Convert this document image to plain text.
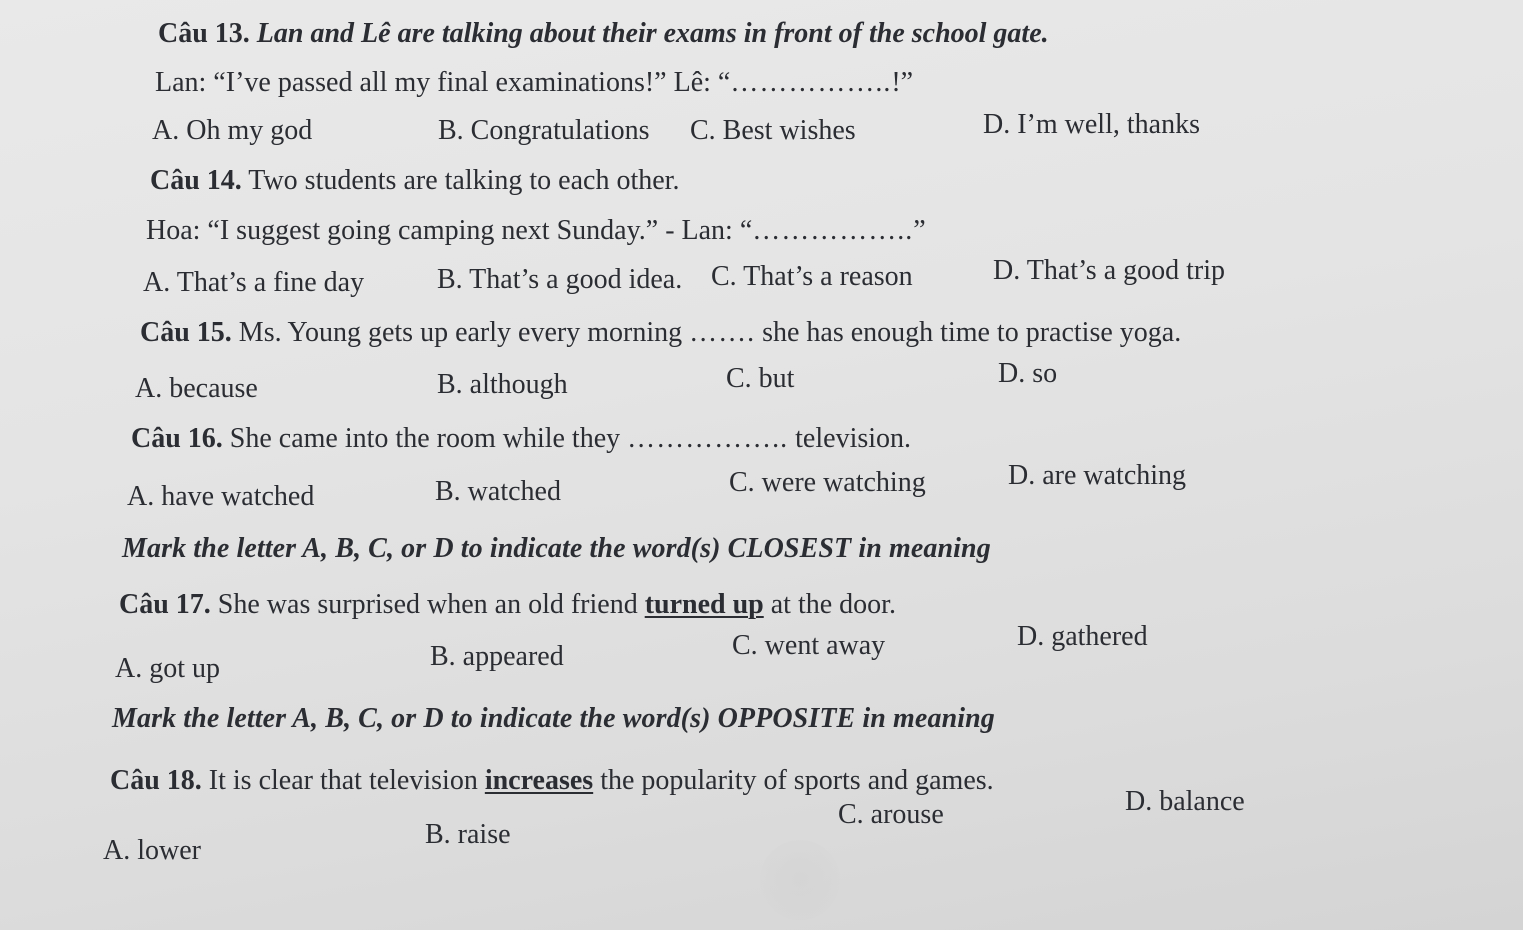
Câu 13. Lan and Lê are talking about their exams in front of the school gate.
Lan: “I’ve passed all my final examinations!” Lê: “……………..!”
A. Oh my god	B. Congratulations C. Best wishes	D. I’m well, thanks
Câu 14. Two students are talking to each other.
Hoa: “I suggest going camping next Sunday.” - Lan: “……………..”
A. That’s a fine day	B. That’s a good idea. C. That’s a reason	D. That’s a good trip
Câu 15. Ms. Young gets up early every morning ……. she has enough time to practise yoga.
A. because	B. although	C. but	D. so
Câu 16. She came into the room while they …………….. television.
A. have watched	B. watched	C. were watching	D. are watching
Mark the letter A, B, C, or D to indicate the word(s) CLOSEST in meaning
Câu 17. She was surprised when an old friend turned up at the door.
A. got up	B. appeared	C. went away	D. gathered
Mark the letter A, B, C, or D to indicate the word(s) OPPOSITE in meaning
Câu 18. It is clear that television increases the popularity of sports and games.
A. lower
B. raise
C. arouse	D. balance
